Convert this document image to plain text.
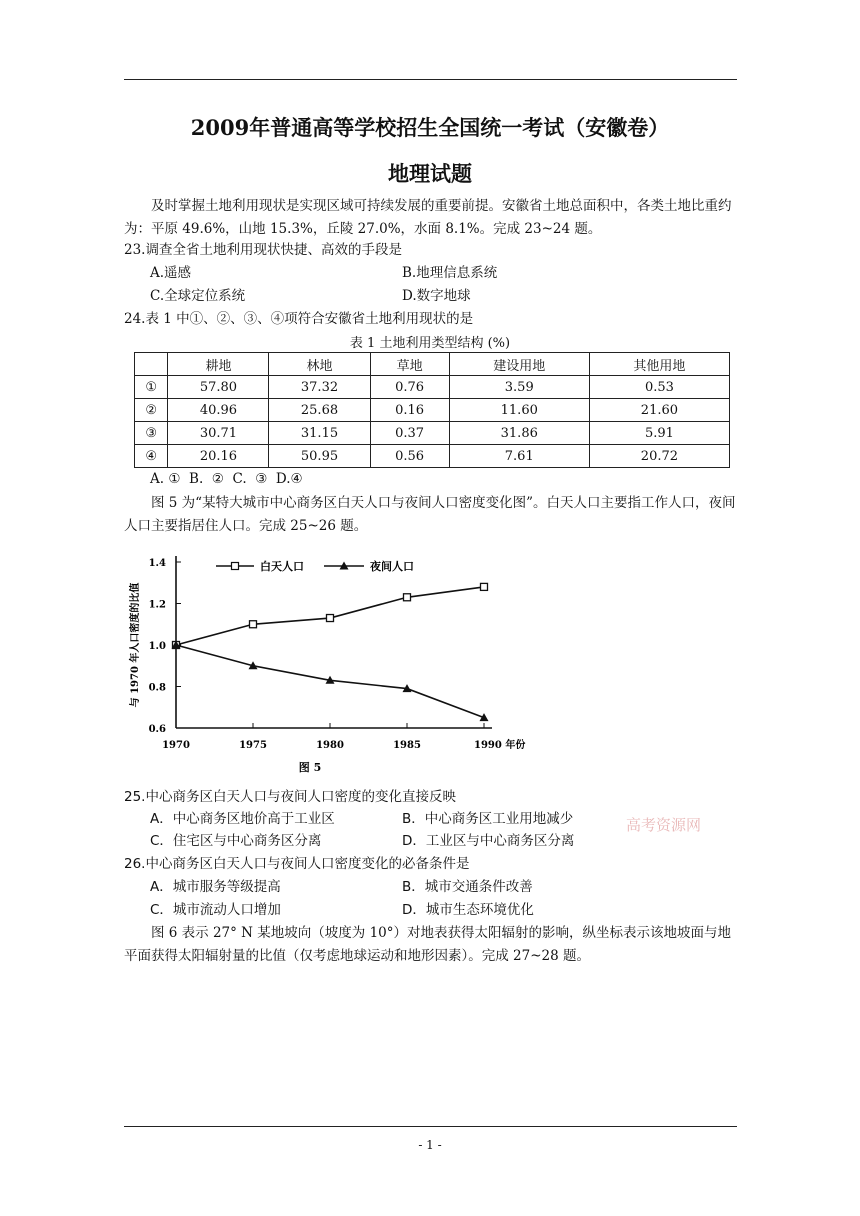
2009年普通高等学校招生全国统一考试（安徽卷）
地理试题
及时掌握土地利用现状是实现区域可持续发展的重要前提。安徽省土地总面积中，各类土地比重约为：平原 49.6%，山地 15.3%，丘陵 27.0%，水面 8.1%。完成 23~24 题。
23.调查全省土地利用现状快捷、高效的手段是
A.遥感	B.地理信息系统
C.全球定位系统	D.数字地球
24.表 1 中①、②、③、④项符合安徽省土地利用现状的是
表 1 土地利用类型结构 (%)
	耕地	林地	草地	建设用地	其他用地
①	57.80	37.32	0.76	3.59	0.53
②	40.96	25.68	0.16	11.60	21.60
③	30.71	31.15	0.37	31.86	5.91
④	20.16	50.95	0.56	7.61	20.72
A. ①  B.  ②  C.  ③  D.④
图 5 为“某特大城市中心商务区白天人口与夜间人口密度变化图”。白天人口主要指工作人口，夜间人口主要指居住人口。完成 25~26 题。
0.6
0.8
1.0
1.2
1.4
1970	1975	1980	1985	1990 年份
与 1970 年人口密度的比值
图 5
白天人口	夜间人口
25.中心商务区白天人口与夜间人口密度的变化直接反映
A．中心商务区地价高于工业区	B．中心商务区工业用地减少
C．住宅区与中心商务区分离	D．工业区与中心商务区分离
高考资源网
26.中心商务区白天人口与夜间人口密度变化的必备条件是
A．城市服务等级提高	B．城市交通条件改善
C．城市流动人口增加	D．城市生态环境优化
图 6 表示 27° N 某地坡向（坡度为 10°）对地表获得太阳辐射的影响，纵坐标表示该地坡面与地平面获得太阳辐射量的比值（仅考虑地球运动和地形因素）。完成 27~28 题。
- 1 -
